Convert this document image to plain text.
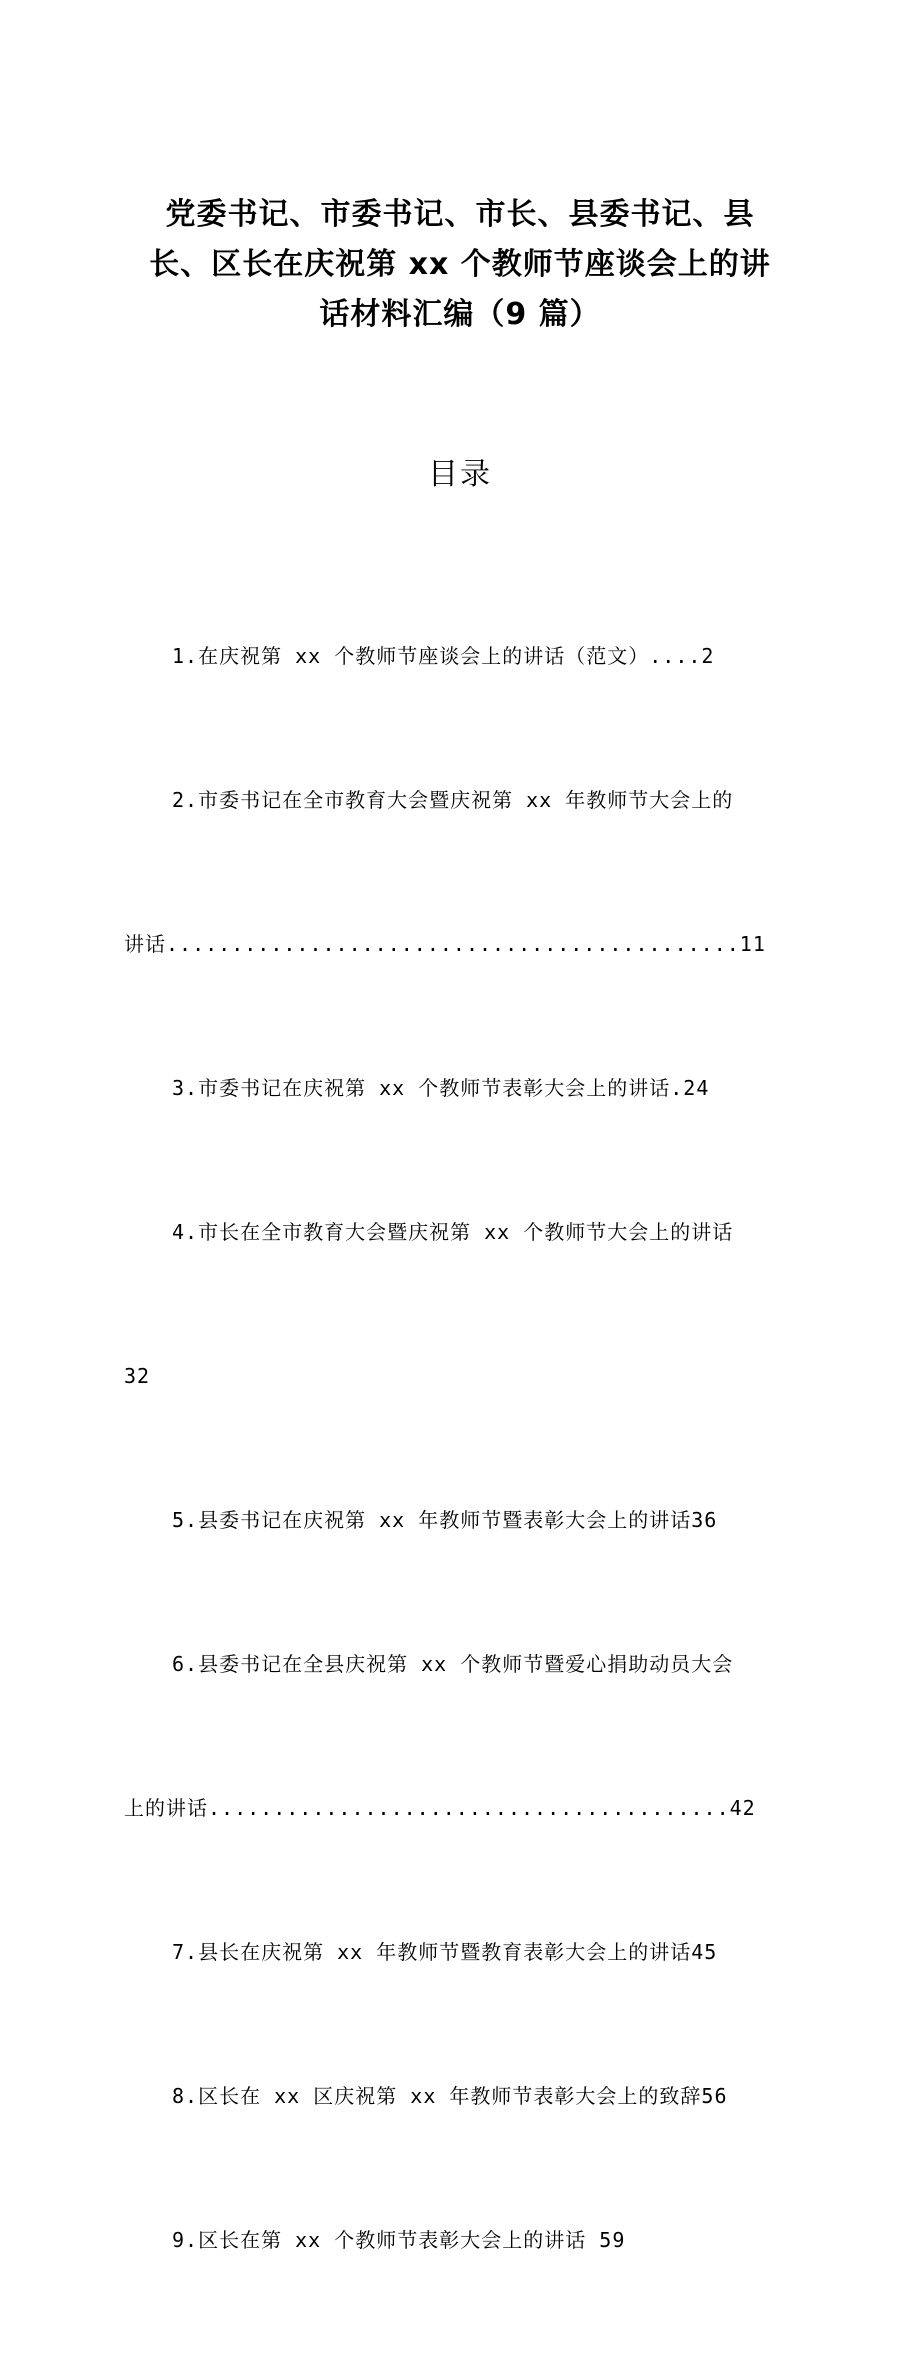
党委书记、市委书记、市长、县委书记、县
长、区长在庆祝第 xx 个教师节座谈会上的讲
话材料汇编（9 篇）
目录

1.在庆祝第 xx 个教师节座谈会上的讲话（范文）....2

2.市委书记在全市教育大会暨庆祝第 xx 年教师节大会上的

讲话............................................11

3.市委书记在庆祝第 xx 个教师节表彰大会上的讲话.24

4.市长在全市教育大会暨庆祝第 xx 个教师节大会上的讲话

32

5.县委书记在庆祝第 xx 年教师节暨表彰大会上的讲话36

6.县委书记在全县庆祝第 xx 个教师节暨爱心捐助动员大会

上的讲话........................................42

7.县长在庆祝第 xx 年教师节暨教育表彰大会上的讲话45

8.区长在 xx 区庆祝第 xx 年教师节表彰大会上的致辞56

9.区长在第 xx 个教师节表彰大会上的讲话 59
